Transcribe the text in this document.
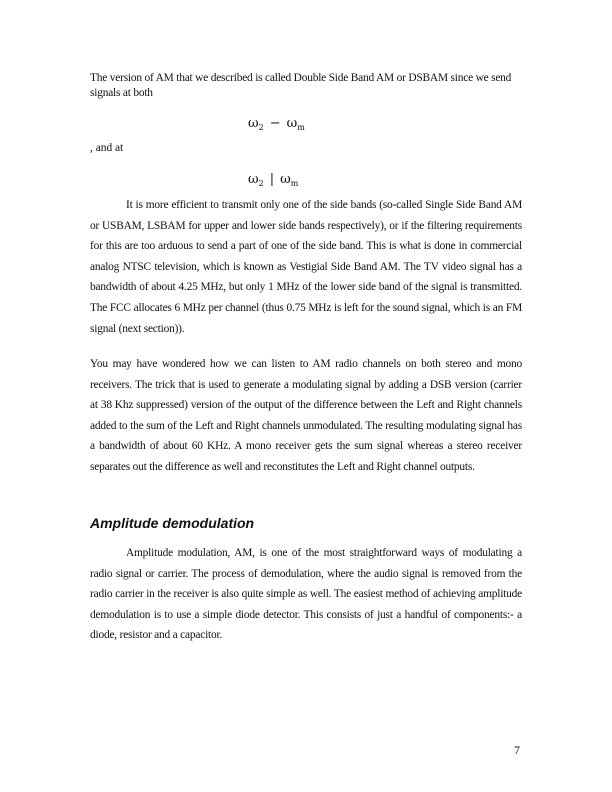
The version of AM that we described is called Double Side Band AM or DSBAM since we send signals at both

$\omega_2 - \omega_m$
, and at
$\omega_2$ | $\omega_m$

It is more efficient to transmit only one of the side bands (so-called Single Side Band AM or USBAM, LSBAM for upper and lower side bands respectively), or if the filtering requirements for this are too arduous to send a part of one of the side band. This is what is done in commercial analog NTSC television, which is known as Vestigial Side Band AM. The TV video signal has a bandwidth of about 4.25 MHz, but only 1 MHz of the lower side band of the signal is transmitted. The FCC allocates 6 MHz per channel (thus 0.75 MHz is left for the sound signal, which is an FM signal (next section)).

You may have wondered how we can listen to AM radio channels on both stereo and mono receivers. The trick that is used to generate a modulating signal by adding a DSB version (carrier at 38 Khz suppressed) version of the output of the difference between the Left and Right channels added to the sum of the Left and Right channels unmodulated. The resulting modulating signal has a bandwidth of about 60 KHz. A mono receiver gets the sum signal whereas a stereo receiver separates out the difference as well and reconstitutes the Left and Right channel outputs.

Amplitude demodulation

Amplitude modulation, AM, is one of the most straightforward ways of modulating a radio signal or carrier. The process of demodulation, where the audio signal is removed from the radio carrier in the receiver is also quite simple as well. The easiest method of achieving amplitude demodulation is to use a simple diode detector. This consists of just a handful of components:- a diode, resistor and a capacitor.

7
